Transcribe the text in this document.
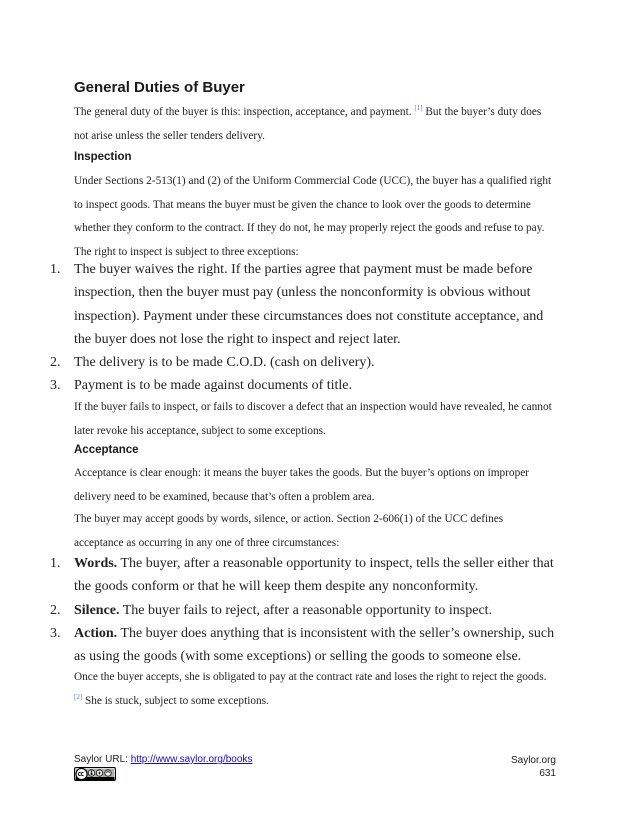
General Duties of Buyer

The general duty of the buyer is this: inspection, acceptance, and payment. [1] But the buyer’s duty does not arise unless the seller tenders delivery.

Inspection

Under Sections 2-513(1) and (2) of the Uniform Commercial Code (UCC), the buyer has a qualified right to inspect goods. That means the buyer must be given the chance to look over the goods to determine whether they conform to the contract. If they do not, he may properly reject the goods and refuse to pay. The right to inspect is subject to three exceptions:

1. The buyer waives the right. If the parties agree that payment must be made before inspection, then the buyer must pay (unless the nonconformity is obvious without inspection). Payment under these circumstances does not constitute acceptance, and the buyer does not lose the right to inspect and reject later.
2. The delivery is to be made C.O.D. (cash on delivery).
3. Payment is to be made against documents of title.

If the buyer fails to inspect, or fails to discover a defect that an inspection would have revealed, he cannot later revoke his acceptance, subject to some exceptions.

Acceptance

Acceptance is clear enough: it means the buyer takes the goods. But the buyer’s options on improper delivery need to be examined, because that’s often a problem area.

The buyer may accept goods by words, silence, or action. Section 2-606(1) of the UCC defines acceptance as occurring in any one of three circumstances:

1. Words. The buyer, after a reasonable opportunity to inspect, tells the seller either that the goods conform or that he will keep them despite any nonconformity.
2. Silence. The buyer fails to reject, after a reasonable opportunity to inspect.
3. Action. The buyer does anything that is inconsistent with the seller’s ownership, such as using the goods (with some exceptions) or selling the goods to someone else.

Once the buyer accepts, she is obligated to pay at the contract rate and loses the right to reject the goods. [2] She is stuck, subject to some exceptions.

Saylor URL: http://www.saylor.org/books	Saylor.org
631
